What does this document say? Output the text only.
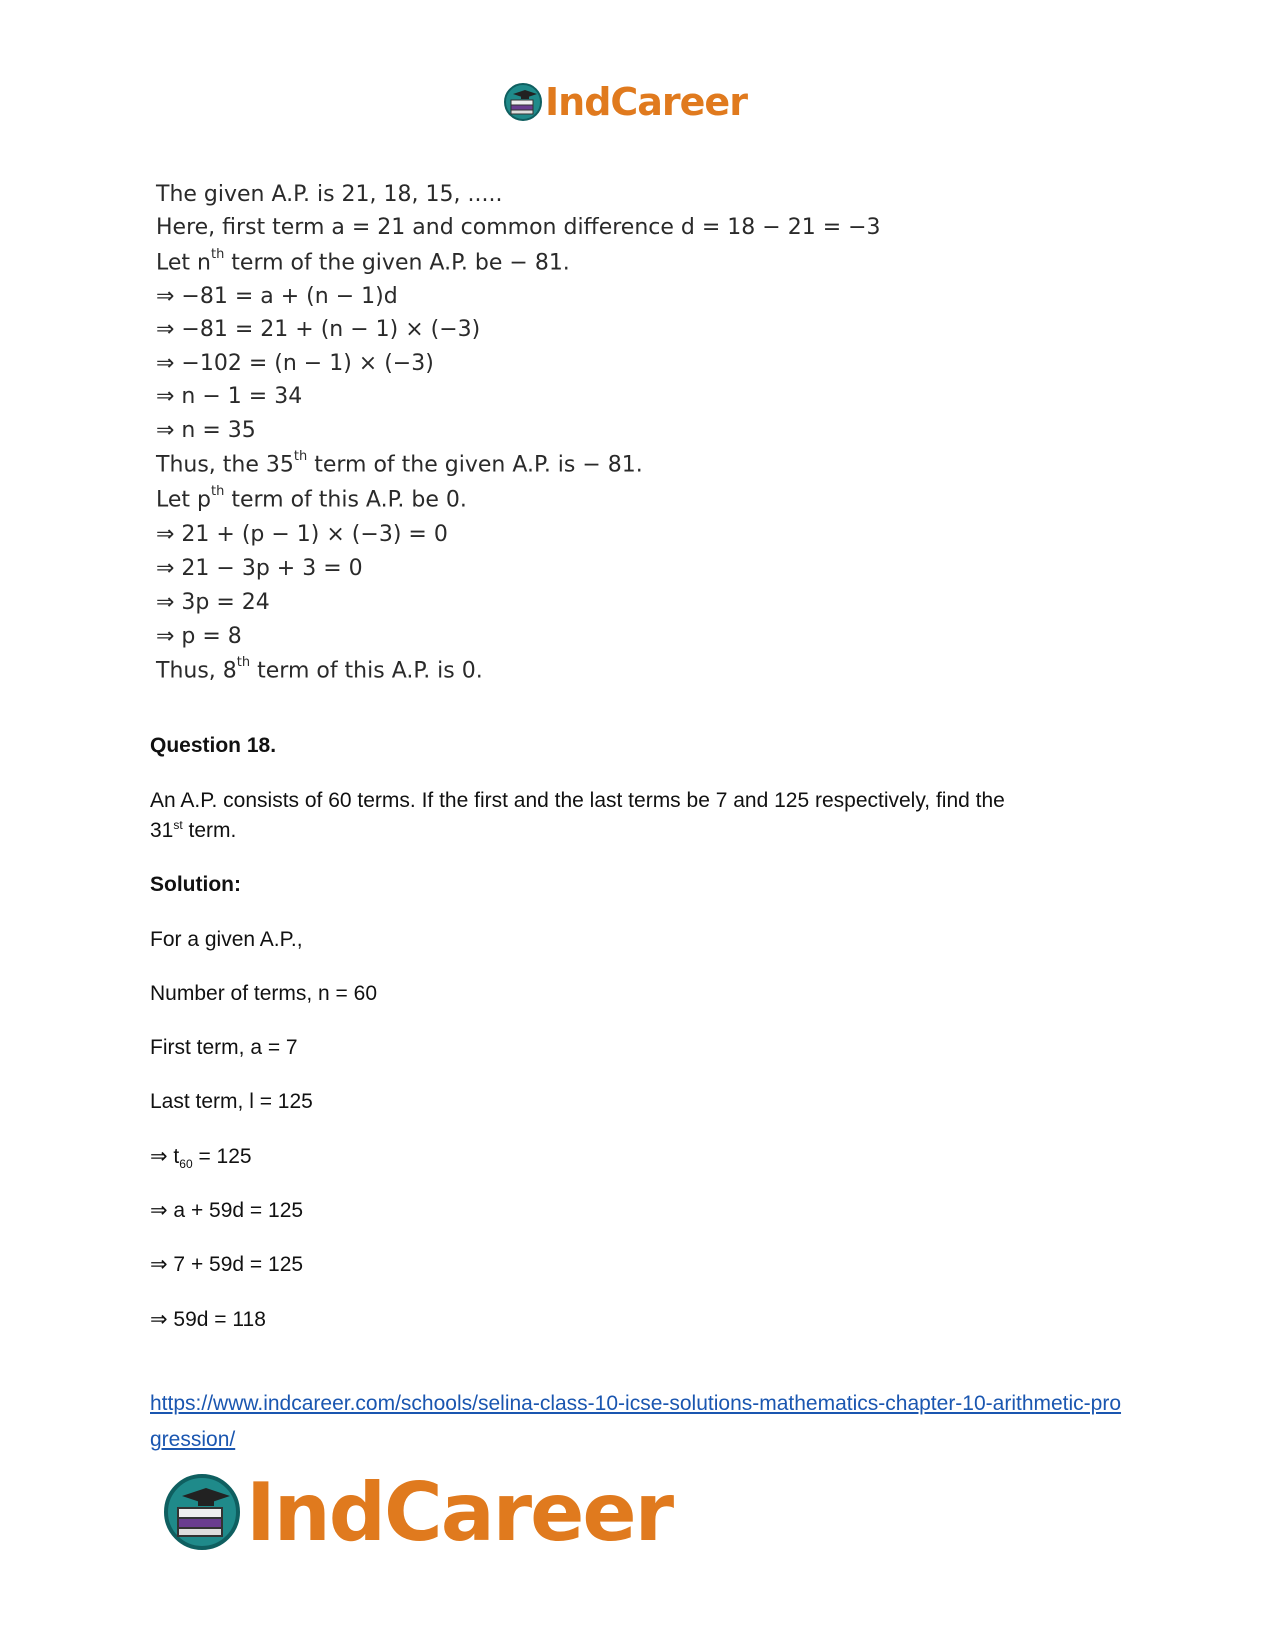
IndCareer
The given A.P. is 21, 18, 15, .....
Here, first term a = 21 and common difference d = 18 − 21 = −3
Let $n^{th}$ term of the given A.P. be − 81.
⇒ −81 = a + (n − 1)d
⇒ −81 = 21 + (n − 1) × (−3)
⇒ −102 = (n − 1) × (−3)
⇒ n − 1 = 34
⇒ n = 35
Thus, the 35th term of the given A.P. is − 81.
Let $p^{th}$ term of this A.P. be 0.
⇒ 21 + (p − 1) × (−3) = 0
⇒ 21 − 3p + 3 = 0
⇒ 3p = 24
⇒ p = 8
Thus, 8th term of this A.P. is 0.
Question 18.
An A.P. consists of 60 terms. If the first and the last terms be 7 and 125 respectively, find the
31st term.
Solution:
For a given A.P.,
Number of terms, n = 60
First term, a = 7
Last term, l = 125
⇒ $t_{60} = 125$
⇒ a + 59d = 125
⇒ 7 + 59d = 125
⇒ 59d = 118
https://www.indcareer.com/schools/selina-class-10-icse-solutions-mathematics-chapter-10-arithmetic-progression/
IndCareer
